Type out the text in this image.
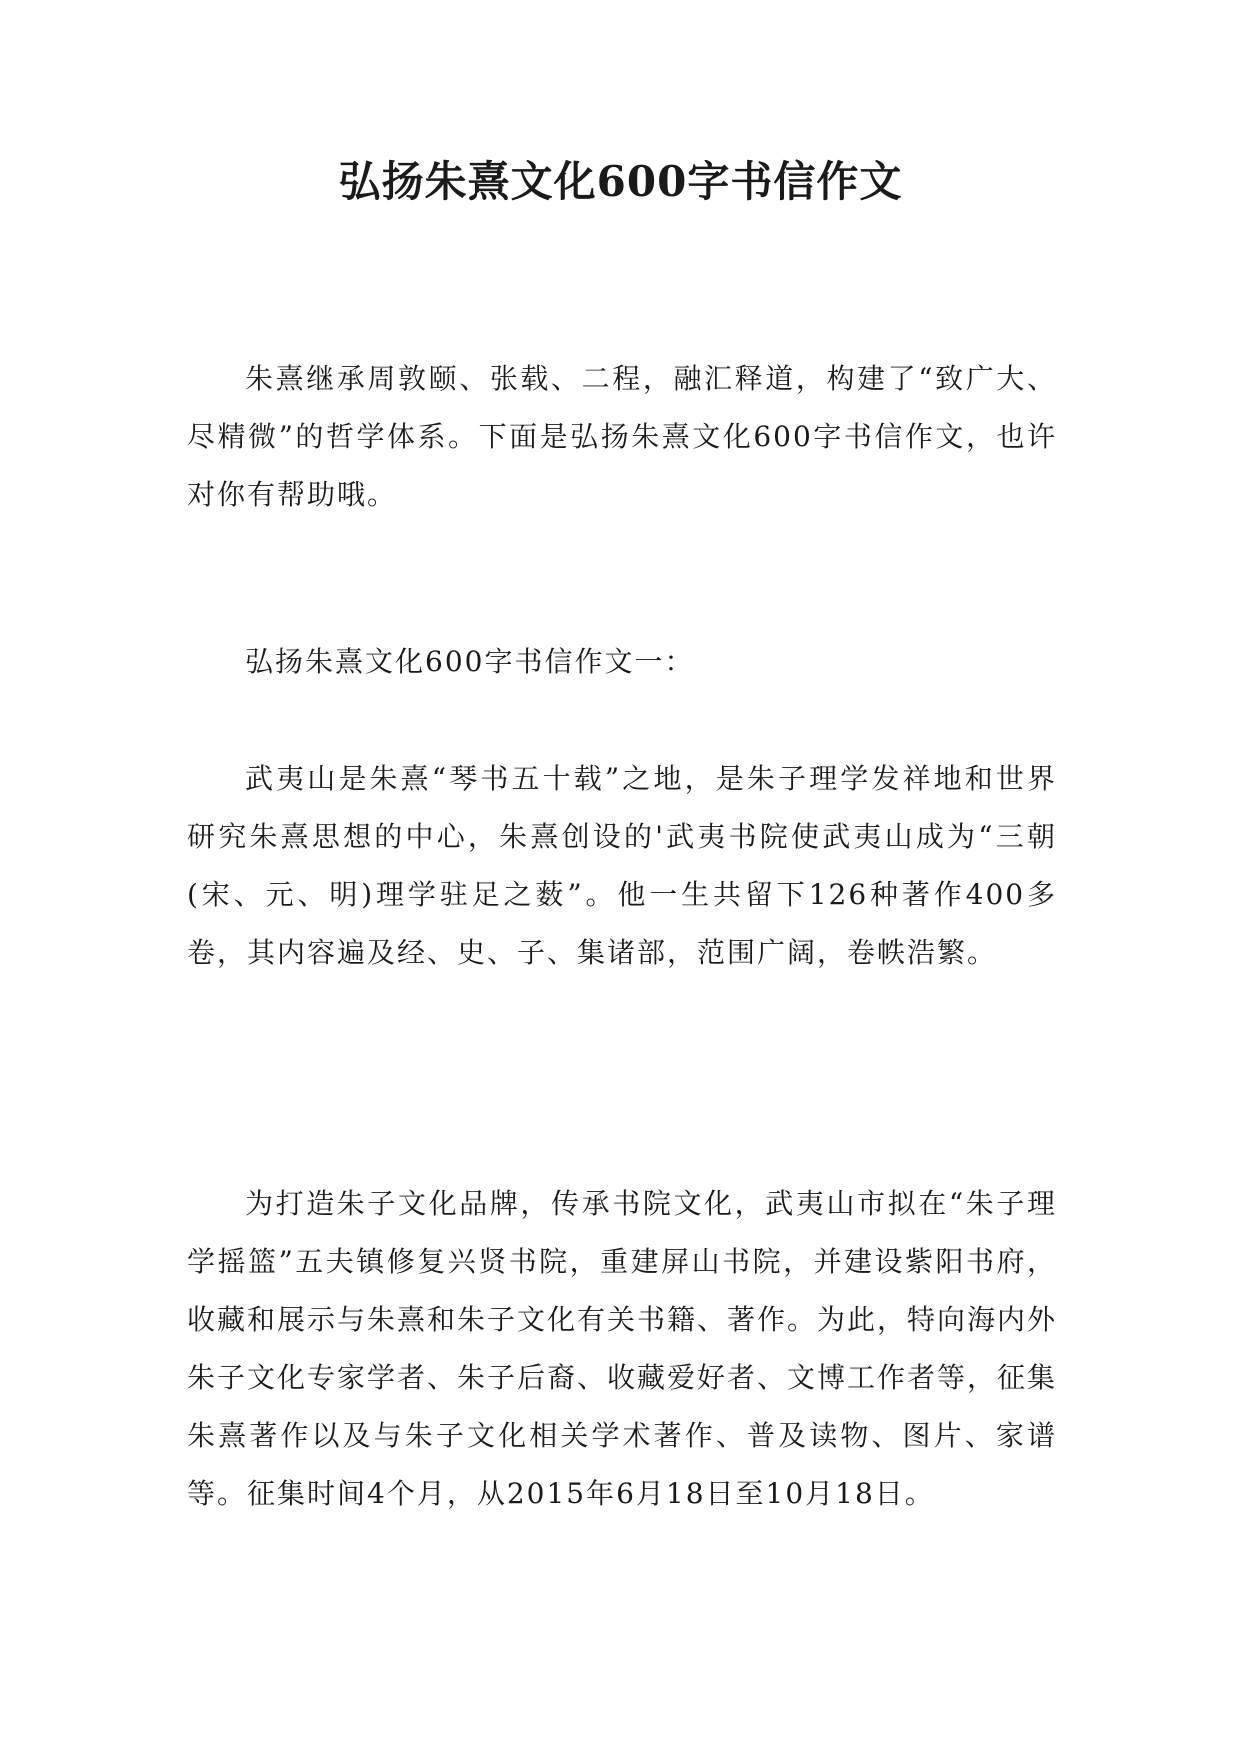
弘扬朱熹文化600字书信作文

朱熹继承周敦颐、张载、二程，融汇释道，构建了“致广大、尽精微”的哲学体系。下面是弘扬朱熹文化600字书信作文，也许对你有帮助哦。

弘扬朱熹文化600字书信作文一：

武夷山是朱熹“琴书五十载”之地，是朱子理学发祥地和世界研究朱熹思想的中心，朱熹创设的'武夷书院使武夷山成为“三朝(宋、元、明)理学驻足之薮”。他一生共留下126种著作400多卷，其内容遍及经、史、子、集诸部，范围广阔，卷帙浩繁。

为打造朱子文化品牌，传承书院文化，武夷山市拟在“朱子理学摇篮”五夫镇修复兴贤书院，重建屏山书院，并建设紫阳书府，收藏和展示与朱熹和朱子文化有关书籍、著作。为此，特向海内外朱子文化专家学者、朱子后裔、收藏爱好者、文博工作者等，征集朱熹著作以及与朱子文化相关学术著作、普及读物、图片、家谱等。征集时间4个月，从2015年6月18日至10月18日。
